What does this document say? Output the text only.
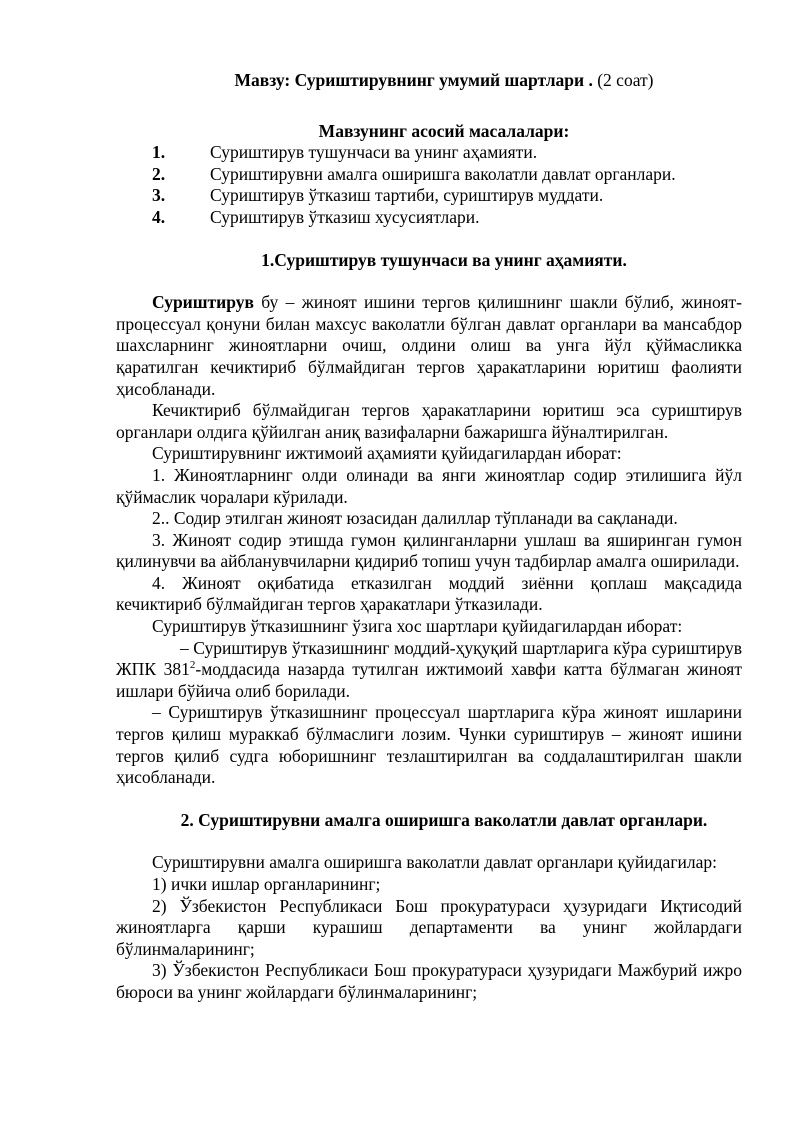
Мавзу: Суриштирувнинг умумий шартлари . (2 соат)
Мавзунинг асосий масалалари:
1.	Суриштирув тушунчаси ва унинг аҳамияти.
2.	Суриштирувни амалга оширишга ваколатли давлат органлари.
3.	Суриштирув ўтказиш тартиби, суриштирув муддати.
4.	Суриштирув ўтказиш хусусиятлари.
1.Суриштирув тушунчаси ва унинг аҳамияти.

Суриштирув бу – жиноят ишини тергов қилишнинг шакли бўлиб, жиноят-процессуал қонуни билан махсус ваколатли бўлган давлат органлари ва мансабдор шахсларнинг жиноятларни очиш, олдини олиш ва унга йўл қўймасликка қаратилган кечиктириб бўлмайдиган тергов ҳаракатларини юритиш фаолияти ҳисобланади.

Кечиктириб бўлмайдиган тергов ҳаракатларини юритиш эса суриштирув органлари олдига қўйилган аниқ вазифаларни бажаришга йўналтирилган.

Суриштирувнинг ижтимоий аҳамияти қуйидагилардан иборат:

1. Жиноятларнинг олди олинади ва янги жиноятлар содир этилишига йўл қўймаслик чоралари кўрилади.

2.. Содир этилган жиноят юзасидан далиллар тўпланади ва сақланади.

3. Жиноят содир этишда гумон қилинганларни ушлаш ва яширинган гумон қилинувчи ва айбланувчиларни қидириб топиш учун тадбирлар амалга оширилади.

4. Жиноят оқибатида етказилган моддий зиённи қоплаш мақсадида кечиктириб бўлмайдиган тергов ҳаракатлари ўтказилади.

Суриштирув ўтказишнинг ўзига хос шартлари қуйидагилардан иборат:

– Суриштирув ўтказишнинг моддий-ҳуқуқий шартларига кўра суриштирув ЖПК $381^2$-моддасида назарда тутилган ижтимоий хавфи катта бўлмаган жиноят ишлари бўйича олиб борилади.

– Суриштирув ўтказишнинг процессуал шартларига кўра жиноят ишларини тергов қилиш мураккаб бўлмаслиги лозим. Чунки суриштирув – жиноят ишини тергов қилиб судга юборишнинг тезлаштирилган ва соддалаштирилган шакли ҳисобланади.

2. Суриштирувни амалга оширишга ваколатли давлат органлари.

Суриштирувни амалга оширишга ваколатли давлат органлари қуйидагилар:

1) ички ишлар органларининг;

2) Ўзбекистон Республикаси Бош прокуратураси ҳузуридаги Иқтисодий жиноятларга қарши курашиш департаменти ва унинг жойлардаги бўлинмаларининг;

3) Ўзбекистон Республикаси Бош прокуратураси ҳузуридаги Мажбурий ижро бюроси ва унинг жойлардаги бўлинмаларининг;
